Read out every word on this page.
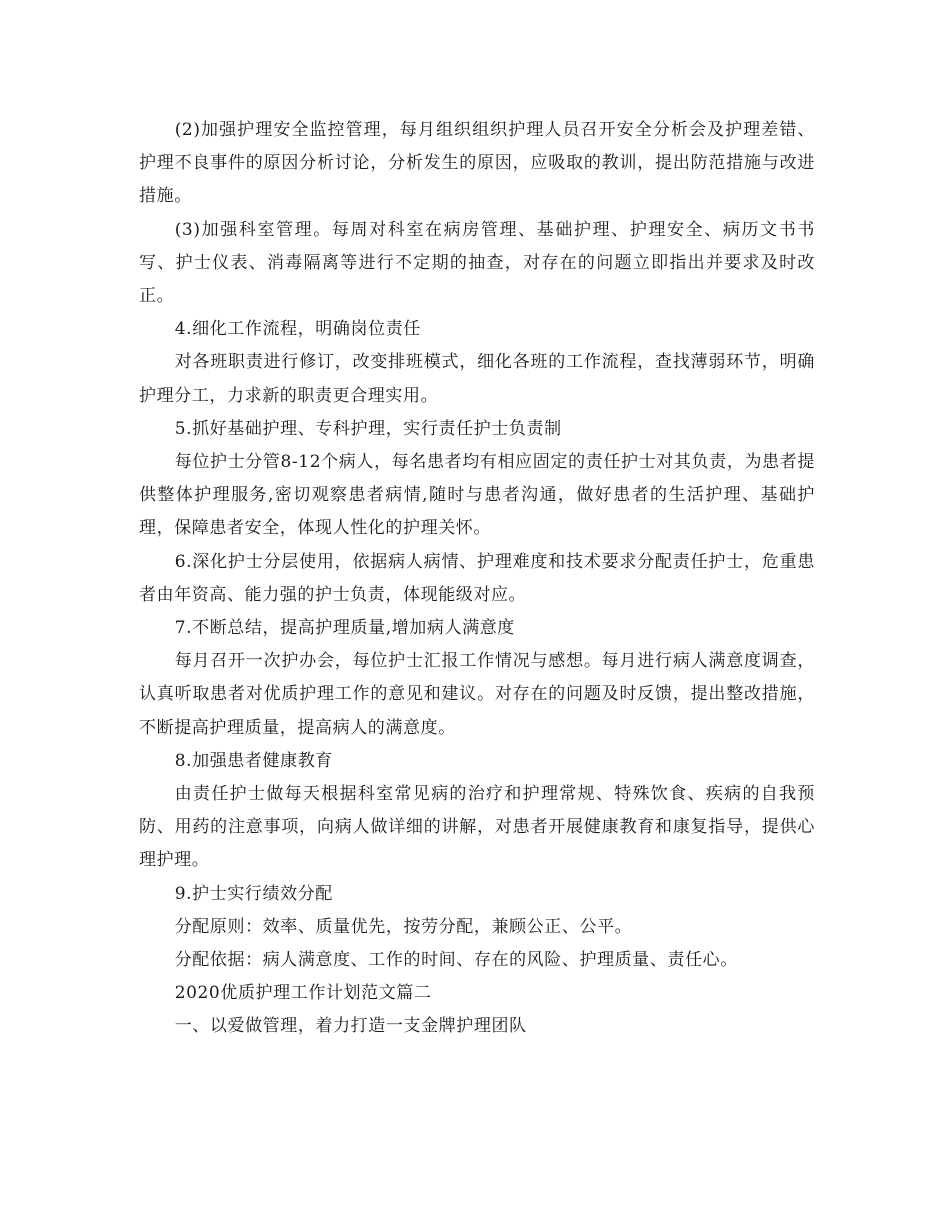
(2)加强护理安全监控管理，每月组织组织护理人员召开安全分析会及护理差错、护理不良事件的原因分析讨论，分析发生的原因，应吸取的教训，提出防范措施与改进措施。

(3)加强科室管理。每周对科室在病房管理、基础护理、护理安全、病历文书书写、护士仪表、消毒隔离等进行不定期的抽查，对存在的问题立即指出并要求及时改正。

4.细化工作流程，明确岗位责任

对各班职责进行修订，改变排班模式，细化各班的工作流程，查找薄弱环节，明确护理分工，力求新的职责更合理实用。

5.抓好基础护理、专科护理，实行责任护士负责制

每位护士分管8-12个病人，每名患者均有相应固定的责任护士对其负责，为患者提供整体护理服务,密切观察患者病情,随时与患者沟通，做好患者的生活护理、基础护理，保障患者安全，体现人性化的护理关怀。

6.深化护士分层使用，依据病人病情、护理难度和技术要求分配责任护士，危重患者由年资高、能力强的护士负责，体现能级对应。

7.不断总结，提高护理质量,增加病人满意度

每月召开一次护办会，每位护士汇报工作情况与感想。每月进行病人满意度调查，认真听取患者对优质护理工作的意见和建议。对存在的问题及时反馈，提出整改措施，不断提高护理质量，提高病人的满意度。

8.加强患者健康教育

由责任护士做每天根据科室常见病的治疗和护理常规、特殊饮食、疾病的自我预防、用药的注意事项，向病人做详细的讲解，对患者开展健康教育和康复指导，提供心理护理。

9.护士实行绩效分配

分配原则：效率、质量优先，按劳分配，兼顾公正、公平。

分配依据：病人满意度、工作的时间、存在的风险、护理质量、责任心。

2020优质护理工作计划范文篇二

一、以爱做管理，着力打造一支金牌护理团队
